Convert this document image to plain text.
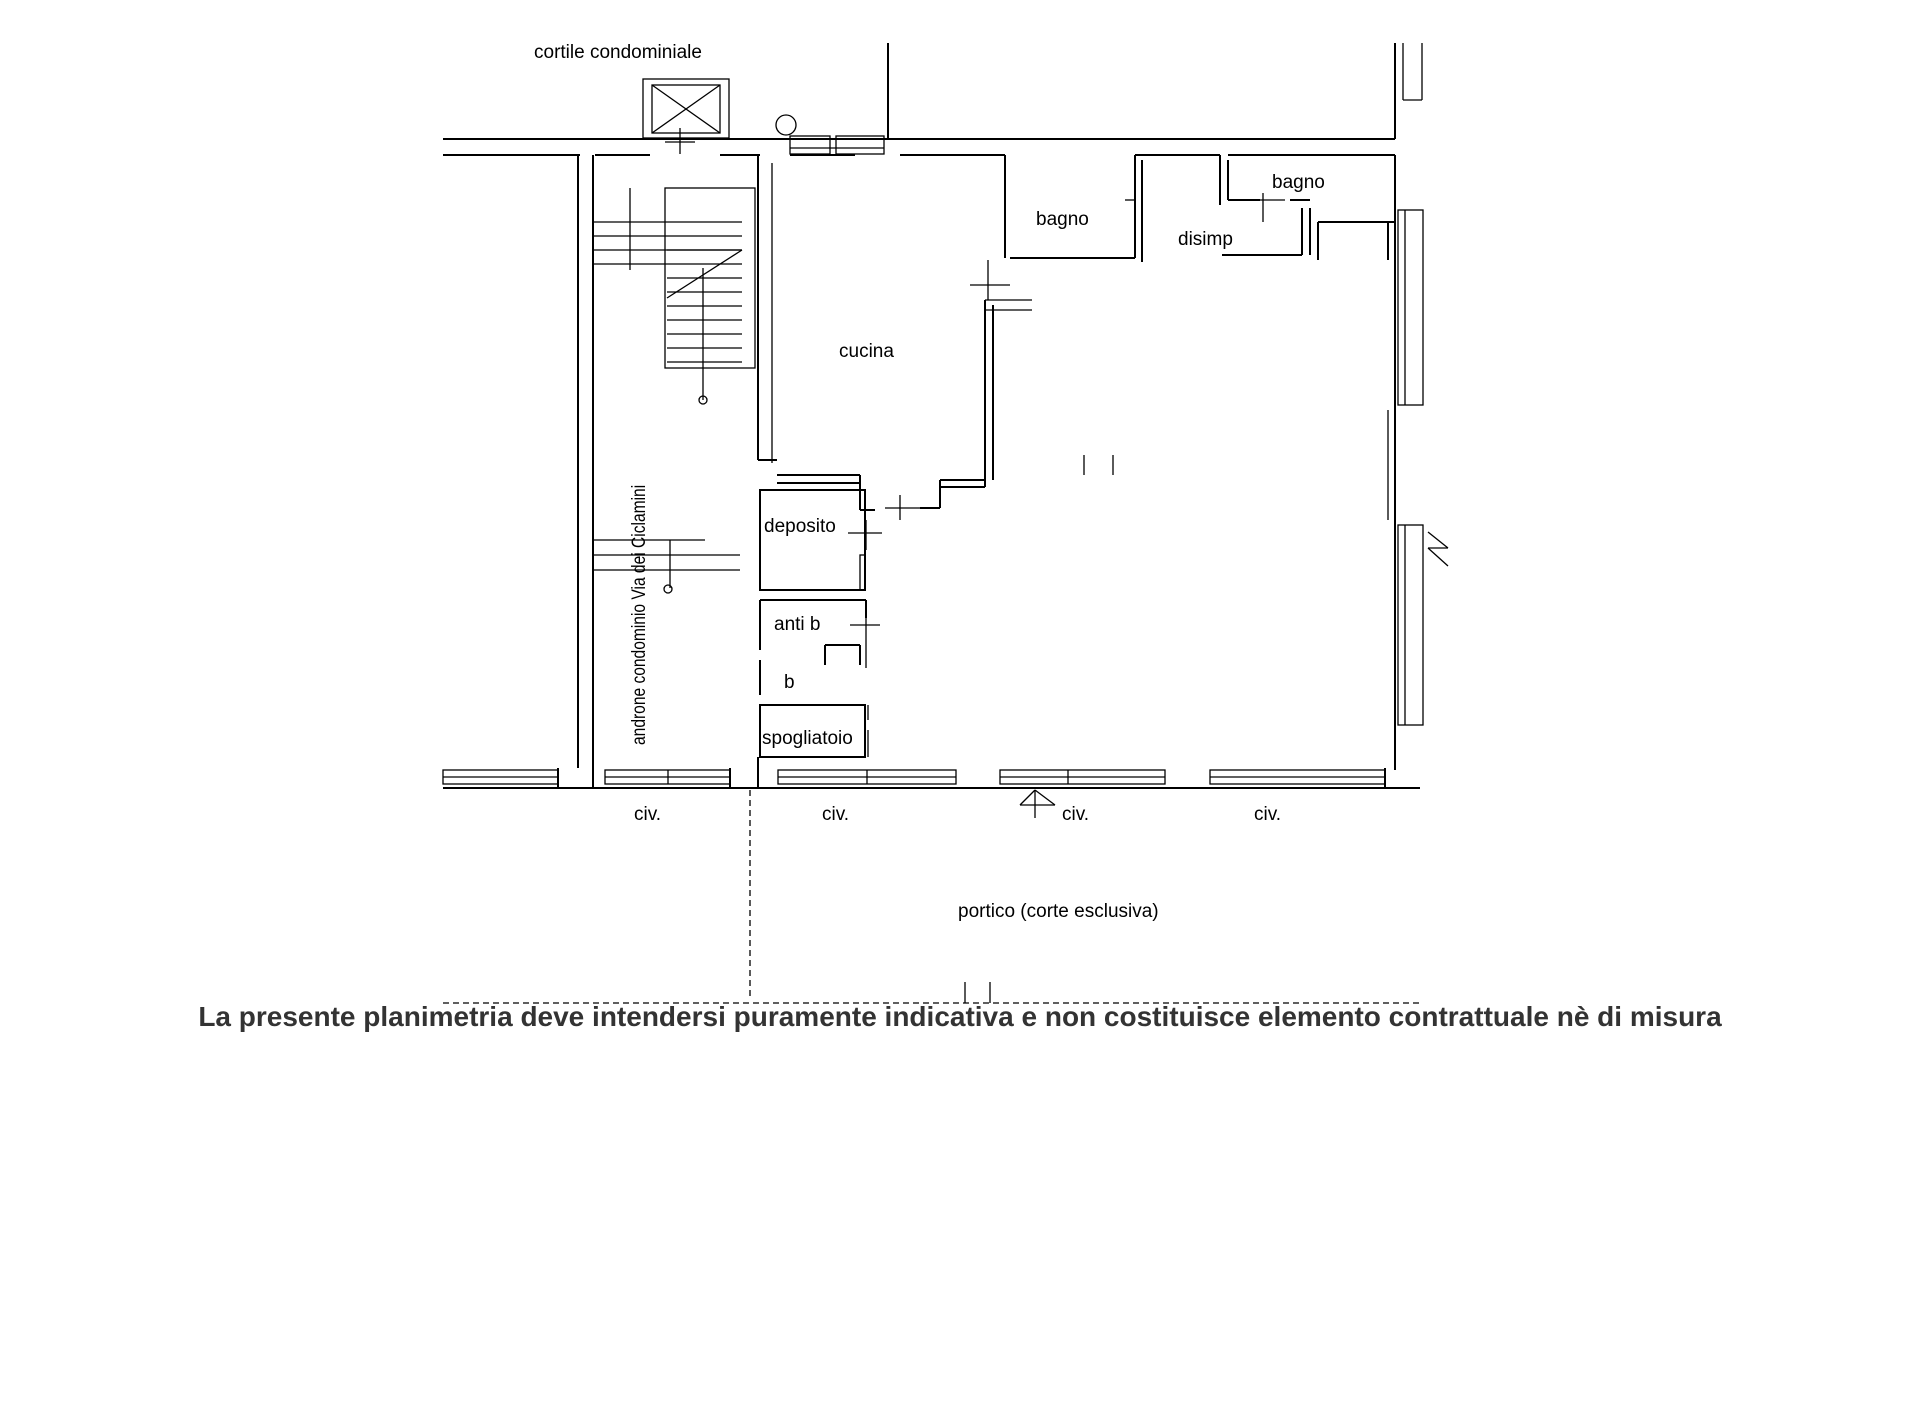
cortile condominiale
bagno
bagno
disimp
cucina
deposito
anti b
b
spogliatoio
androne condominio Via dei Ciclamini
civ.	civ.	civ.	civ.
portico (corte esclusiva)
La presente planimetria deve intendersi puramente indicativa e non costituisce elemento contrattuale nè di misura
